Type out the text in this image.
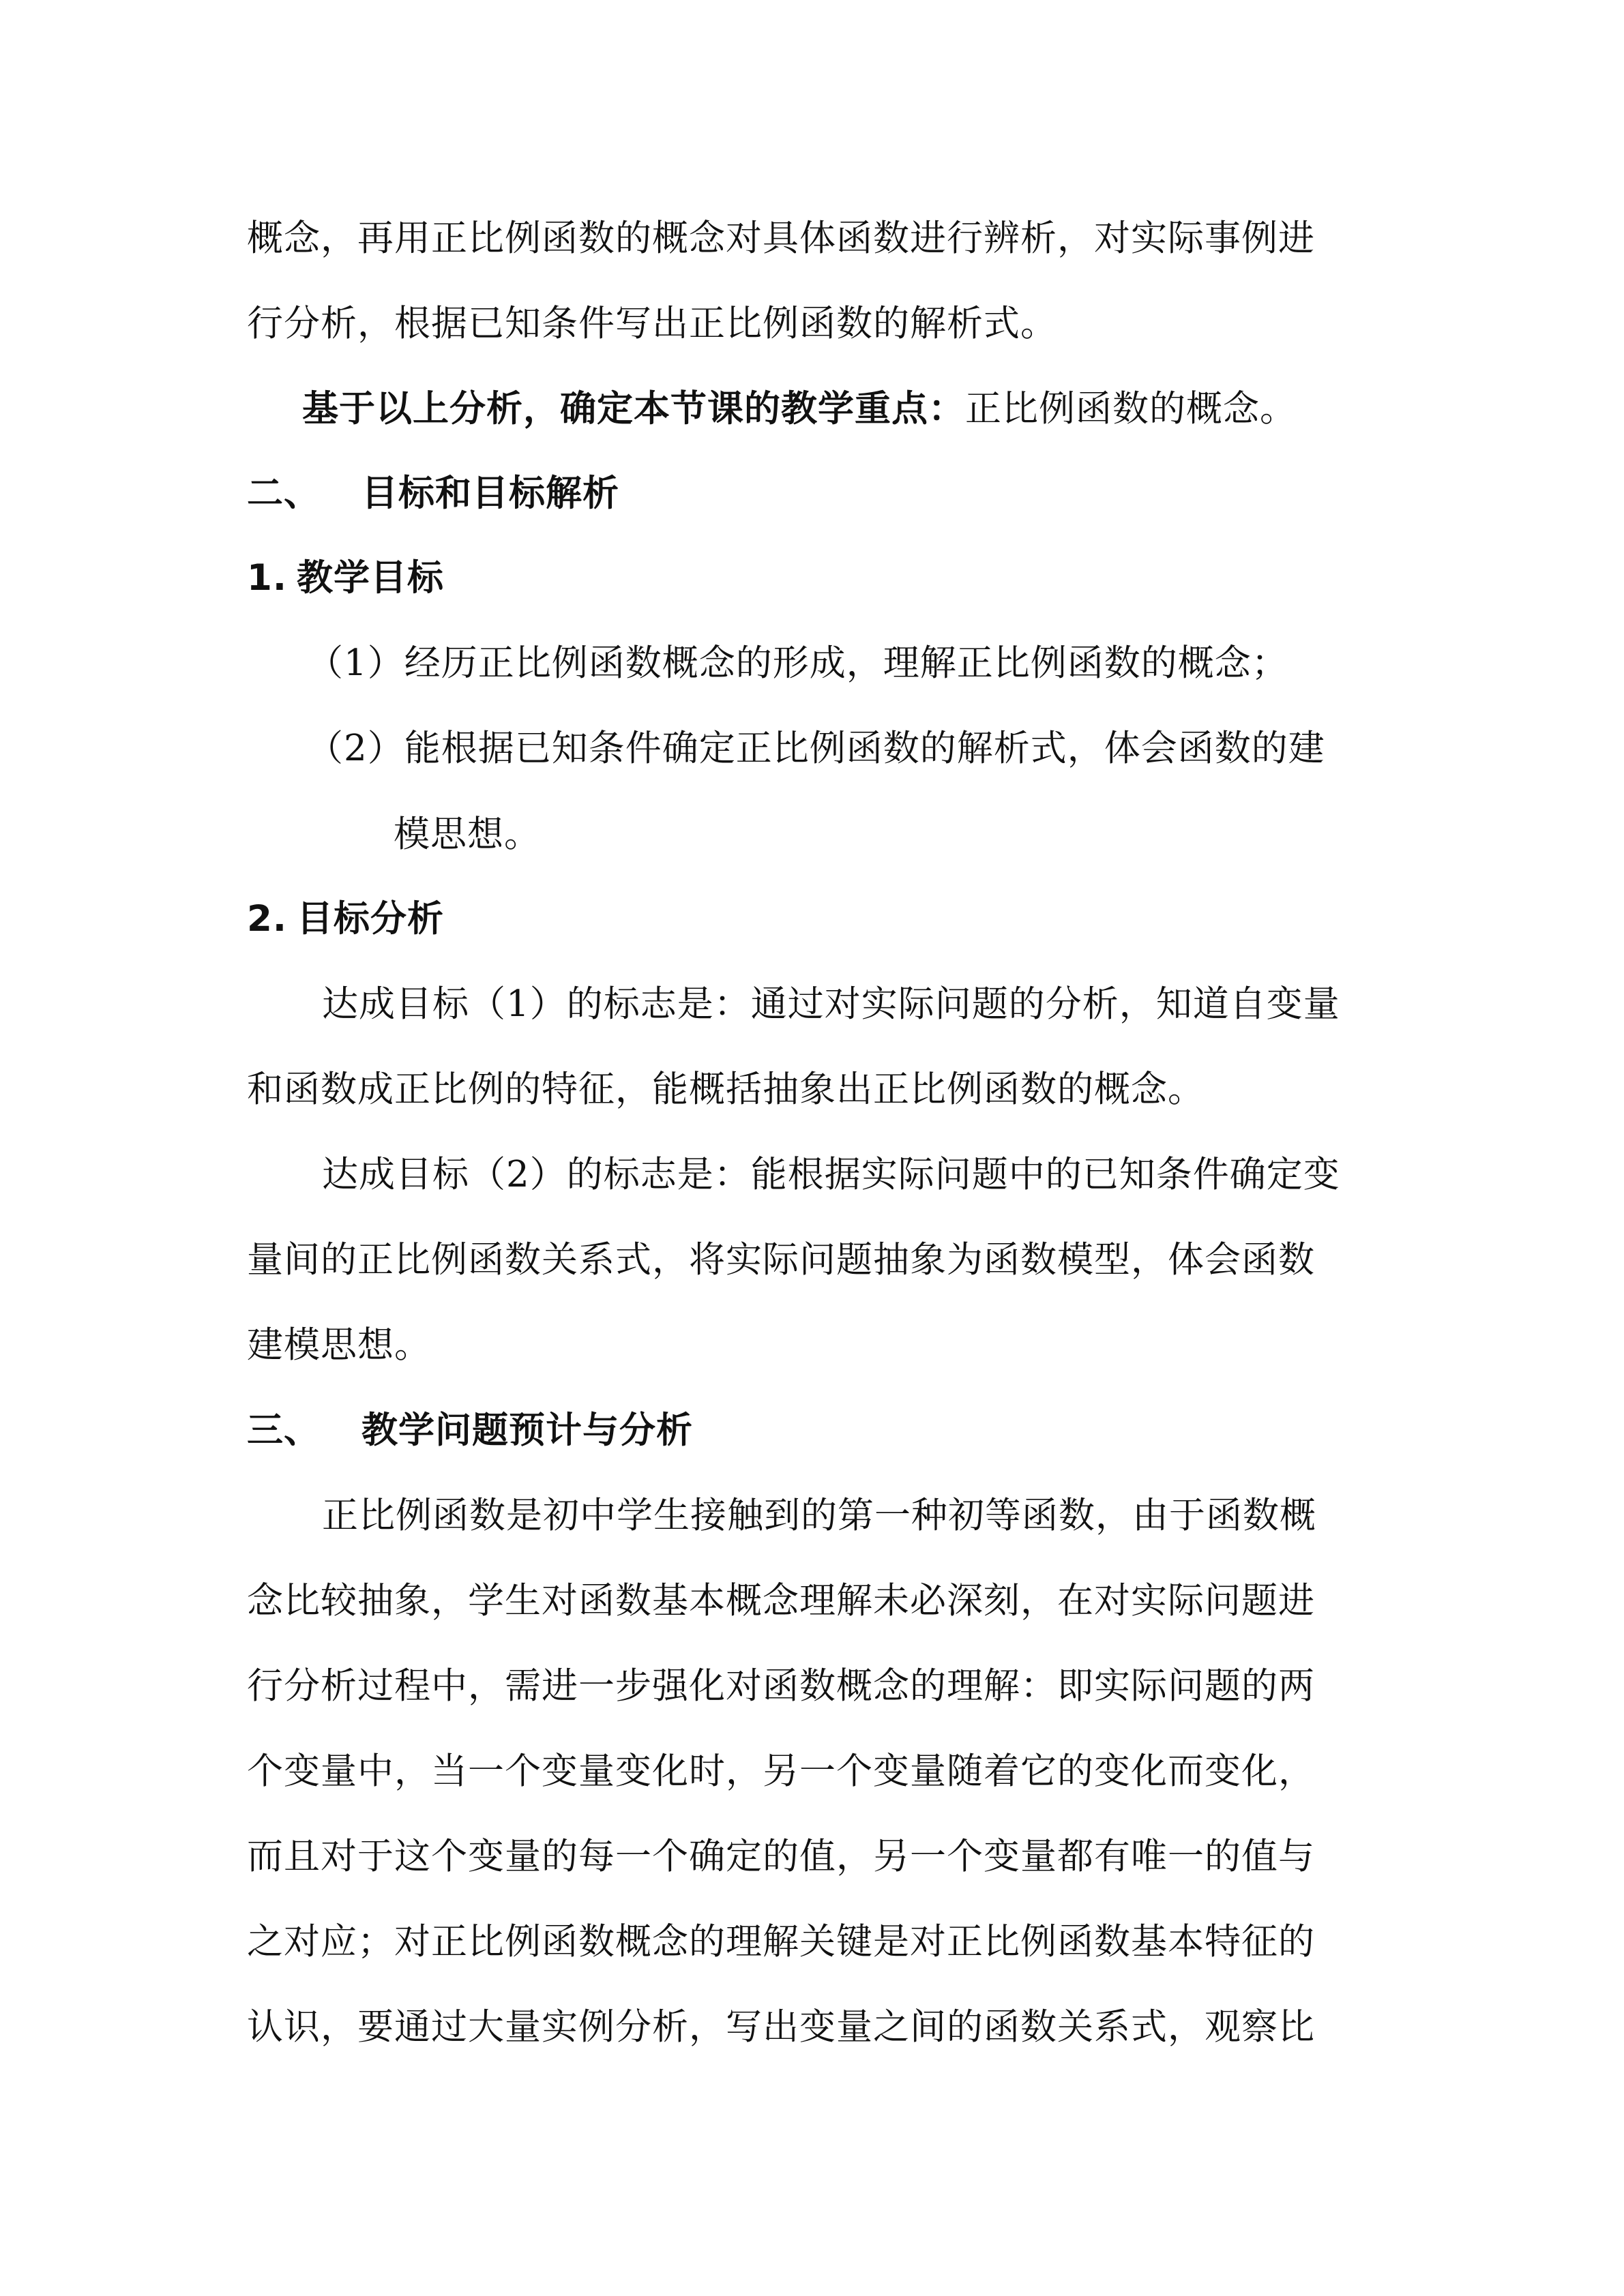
概念，再用正比例函数的概念对具体函数进行辨析，对实际事例进

行分析，根据已知条件写出正比例函数的解析式。

基于以上分析，确定本节课的教学重点：正比例函数的概念。

二、 目标和目标解析

1. 教学目标

（1）经历正比例函数概念的形成，理解正比例函数的概念；

（2）能根据已知条件确定正比例函数的解析式，体会函数的建

模思想。

2. 目标分析

达成目标（1）的标志是：通过对实际问题的分析，知道自变量

和函数成正比例的特征，能概括抽象出正比例函数的概念。

达成目标（2）的标志是：能根据实际问题中的已知条件确定变

量间的正比例函数关系式，将实际问题抽象为函数模型，体会函数

建模思想。

三、 教学问题预计与分析

正比例函数是初中学生接触到的第一种初等函数，由于函数概

念比较抽象，学生对函数基本概念理解未必深刻，在对实际问题进

行分析过程中，需进一步强化对函数概念的理解：即实际问题的两

个变量中，当一个变量变化时，另一个变量随着它的变化而变化，

而且对于这个变量的每一个确定的值，另一个变量都有唯一的值与

之对应；对正比例函数概念的理解关键是对正比例函数基本特征的

认识，要通过大量实例分析，写出变量之间的函数关系式，观察比
